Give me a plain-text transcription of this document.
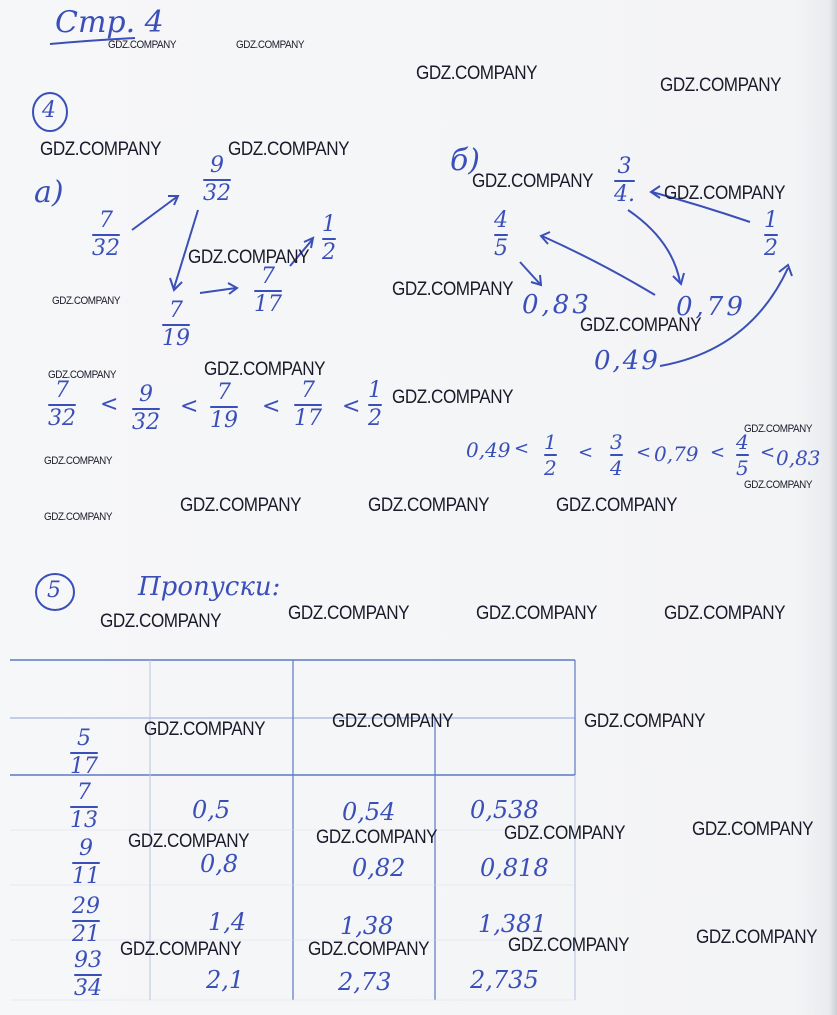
Стр. 4
4
а)
7
32
9
32
7
19
7
17
1
2
7
32
< 9
32
<
7
19
<
7
17 <
1
2
б)	3
4.
1
2
4
5
0,83	0,79
0,49
0,49 < 1
2
< 3
4
< 0,79 < 4
5
< 0,83
5	Пропуски:
5
17
7
13	0,5	0,54	0,538
9
11	0,8	0,82	0,818
29
21	1,4	1,38	1,381
93
34	2,1	2,73	2,735
GDZ.COMPANY	GDZ.COMPANY
GDZ.COMPANY
GDZ.COMPANY
GDZ.COMPANY	GDZ.COMPANY
GDZ.COMPANY
GDZ.COMPANY
GDZ.COMPANY
GDZ.COMPANY
GDZ.COMPANY
GDZ.COMPANY
GDZ.COMPANY	GDZ.COMPANY
GDZ.COMPANY
GDZ.COMPANY
GDZ.COMPANY
GDZ.COMPANY
GDZ.COMPANY	GDZ.COMPANY	GDZ.COMPANY
GDZ.COMPANY
GDZ.COMPANY	GDZ.COMPANY	GDZ.COMPANY	GDZ.COMPANY
GDZ.COMPANY	GDZ.COMPANY	GDZ.COMPANY
GDZ.COMPANY
GDZ.COMPANY	GDZ.COMPANY	GDZ.COMPANY
GDZ.COMPANY
GDZ.COMPANY	GDZ.COMPANY	GDZ.COMPANY
